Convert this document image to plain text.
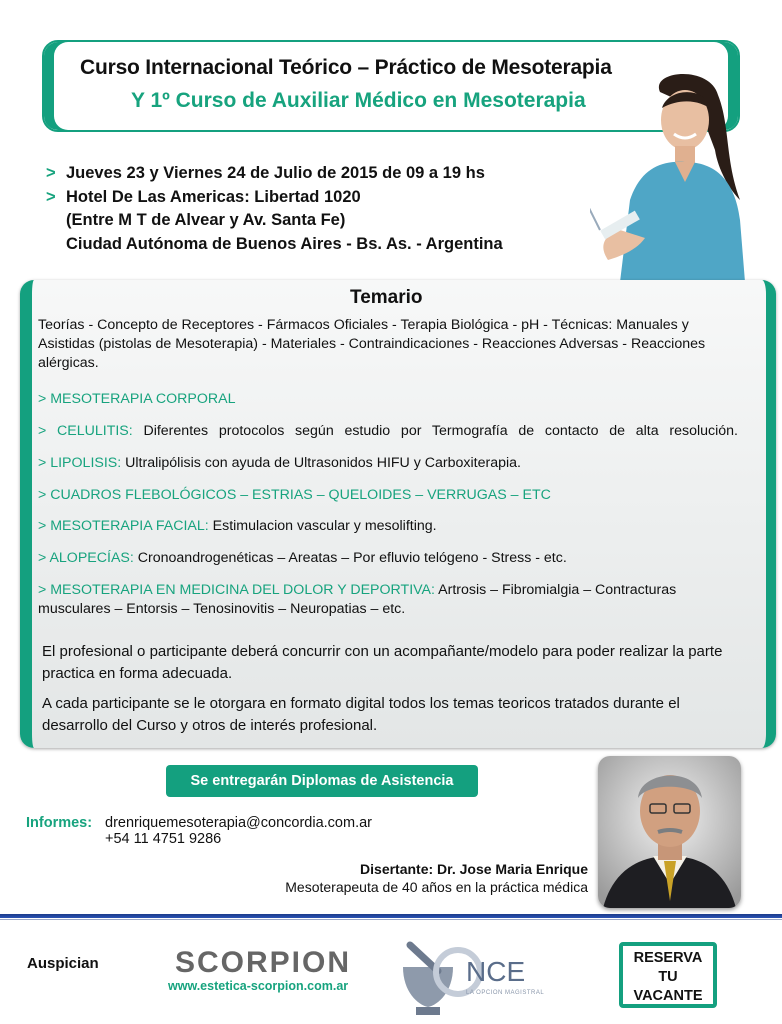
Curso Internacional Teórico – Práctico de Mesoterapia
Y 1º Curso de Auxiliar Médico en Mesoterapia
> Jueves 23 y Viernes 24 de Julio de 2015 de 09 a 19 hs
> Hotel De Las Americas: Libertad 1020
(Entre M T de Alvear y Av. Santa Fe)
Ciudad Autónoma de Buenos Aires - Bs. As. - Argentina
Temario
Teorías - Concepto de Receptores - Fármacos Oficiales - Terapia Biológica - pH - Técnicas: Manuales y Asistidas (pistolas de Mesoterapia) - Materiales - Contraindicaciones - Reacciones Adversas - Reacciones alérgicas.
> MESOTERAPIA CORPORAL
> CELULITIS: Diferentes protocolos según estudio por Termografía de contacto de alta resolución.
> LIPOLISIS: Ultralipólisis con ayuda de Ultrasonidos HIFU y Carboxiterapia.
> CUADROS FLEBOLÓGICOS – ESTRIAS – QUELOIDES – VERRUGAS – ETC
> MESOTERAPIA FACIAL: Estimulacion vascular y mesolifting.
> ALOPECÍAS: Cronoandrogenéticas – Areatas – Por efluvio telógeno - Stress - etc.
> MESOTERAPIA EN MEDICINA DEL DOLOR Y DEPORTIVA: Artrosis – Fibromialgia – Contracturas musculares – Entorsis – Tenosinovitis – Neuropatias – etc.
El profesional o participante deberá concurrir con un acompañante/modelo para poder realizar la parte practica en forma adecuada.
A cada participante se le otorgara en formato digital todos los temas teoricos tratados durante el desarrollo del Curso y otros de interés profesional.
Se entregarán Diplomas de Asistencia
Informes: drenriquemesoterapia@concordia.com.ar
+54 11 4751 9286
Disertante: Dr. Jose Maria Enrique
Mesoterapeuta de 40 años en la práctica médica
Auspician	SCORPION
www.estetica-scorpion.com.ar	NCE
LA OPCION MAGISTRAL
RESERVA
TU
VACANTE
